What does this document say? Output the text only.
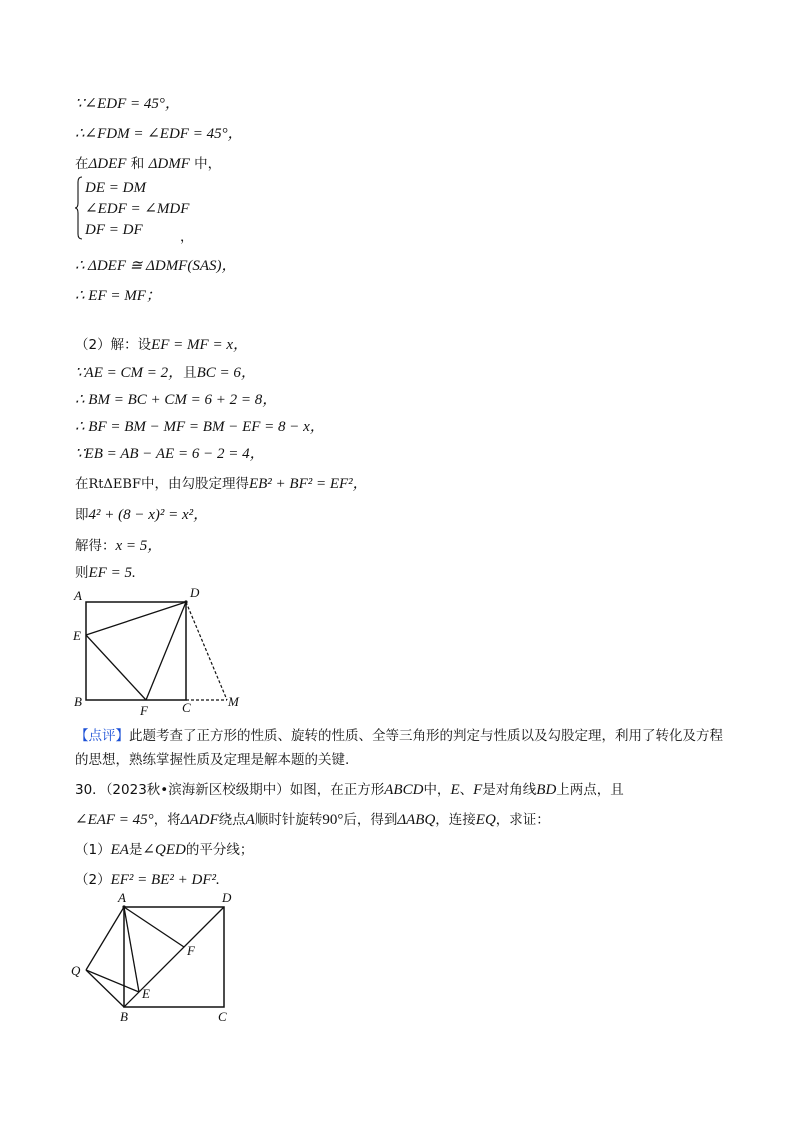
∵∠EDF = 45°，
∴∠FDM = ∠EDF = 45°，
在ΔDEF 和 ΔDMF 中，
DE = DM
∠EDF = ∠MDF
DF = DF	，
∴ ΔDEF ≅ ΔDMF(SAS)，
∴ EF = MF；
（2）解：设EF = MF = x，
∵AE = CM = 2，且BC = 6，
∴ BM = BC + CM = 6 + 2 = 8，
∴ BF = BM − MF = BM − EF = 8 − x，
∵EB = AB − AE = 6 − 2 = 4，
在RtΔEBF中，由勾股定理得EB² + BF² = EF²，
即4² + (8 − x)² = x²，
解得：x = 5，
则EF = 5.
A	D
E
B
F	C	M
【点评】此题考查了正方形的性质、旋转的性质、全等三角形的判定与性质以及勾股定理，利用了转化及方程的思想，熟练掌握性质及定理是解本题的关键.
30．（2023秋•滨海新区校级期中）如图，在正方形ABCD中，E、F是对角线BD上两点，且
∠EAF = 45°，将ΔADF绕点A顺时针旋转90°后，得到ΔABQ，连接EQ，求证：
（1）EA是∠QED的平分线；
（2）EF² = BE² + DF².
A	D
Q
F
E
B	C
